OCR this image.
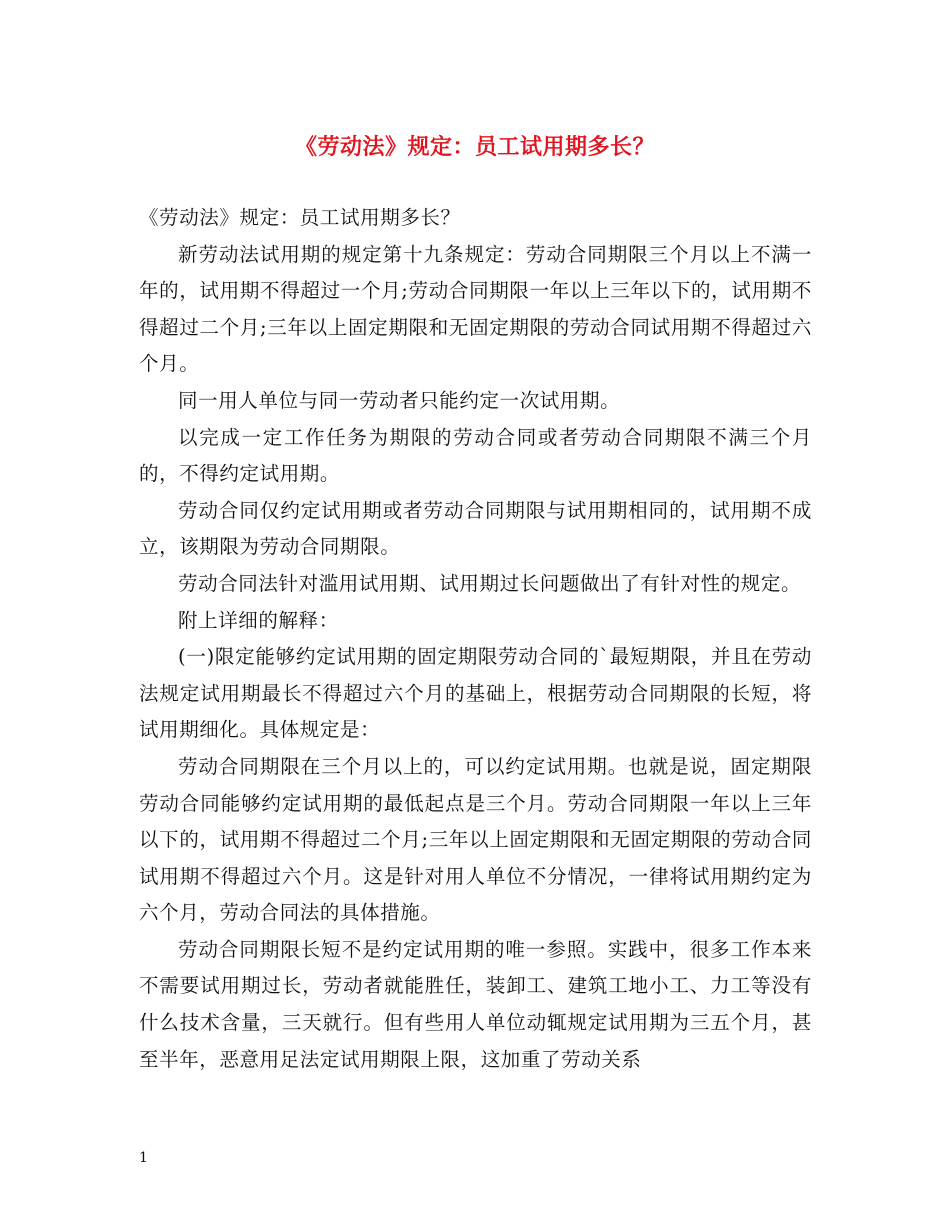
《劳动法》规定：员工试用期多长？

《劳动法》规定：员工试用期多长？

新劳动法试用期的规定第十九条规定：劳动合同期限三个月以上不满一年的，试用期不得超过一个月;劳动合同期限一年以上三年以下的，试用期不得超过二个月;三年以上固定期限和无固定期限的劳动合同试用期不得超过六个月。

同一用人单位与同一劳动者只能约定一次试用期。

以完成一定工作任务为期限的劳动合同或者劳动合同期限不满三个月的，不得约定试用期。

劳动合同仅约定试用期或者劳动合同期限与试用期相同的，试用期不成立，该期限为劳动合同期限。

劳动合同法针对滥用试用期、试用期过长问题做出了有针对性的规定。

附上详细的解释：

(一)限定能够约定试用期的固定期限劳动合同的`最短期限，并且在劳动法规定试用期最长不得超过六个月的基础上，根据劳动合同期限的长短，将试用期细化。具体规定是：

劳动合同期限在三个月以上的，可以约定试用期。也就是说，固定期限劳动合同能够约定试用期的最低起点是三个月。劳动合同期限一年以上三年以下的，试用期不得超过二个月;三年以上固定期限和无固定期限的劳动合同试用期不得超过六个月。这是针对用人单位不分情况，一律将试用期约定为六个月，劳动合同法的具体措施。

劳动合同期限长短不是约定试用期的唯一参照。实践中，很多工作本来不需要试用期过长，劳动者就能胜任，装卸工、建筑工地小工、力工等没有什么技术含量，三天就行。但有些用人单位动辄规定试用期为三五个月，甚至半年，恶意用足法定试用期限上限，这加重了劳动关系

1
